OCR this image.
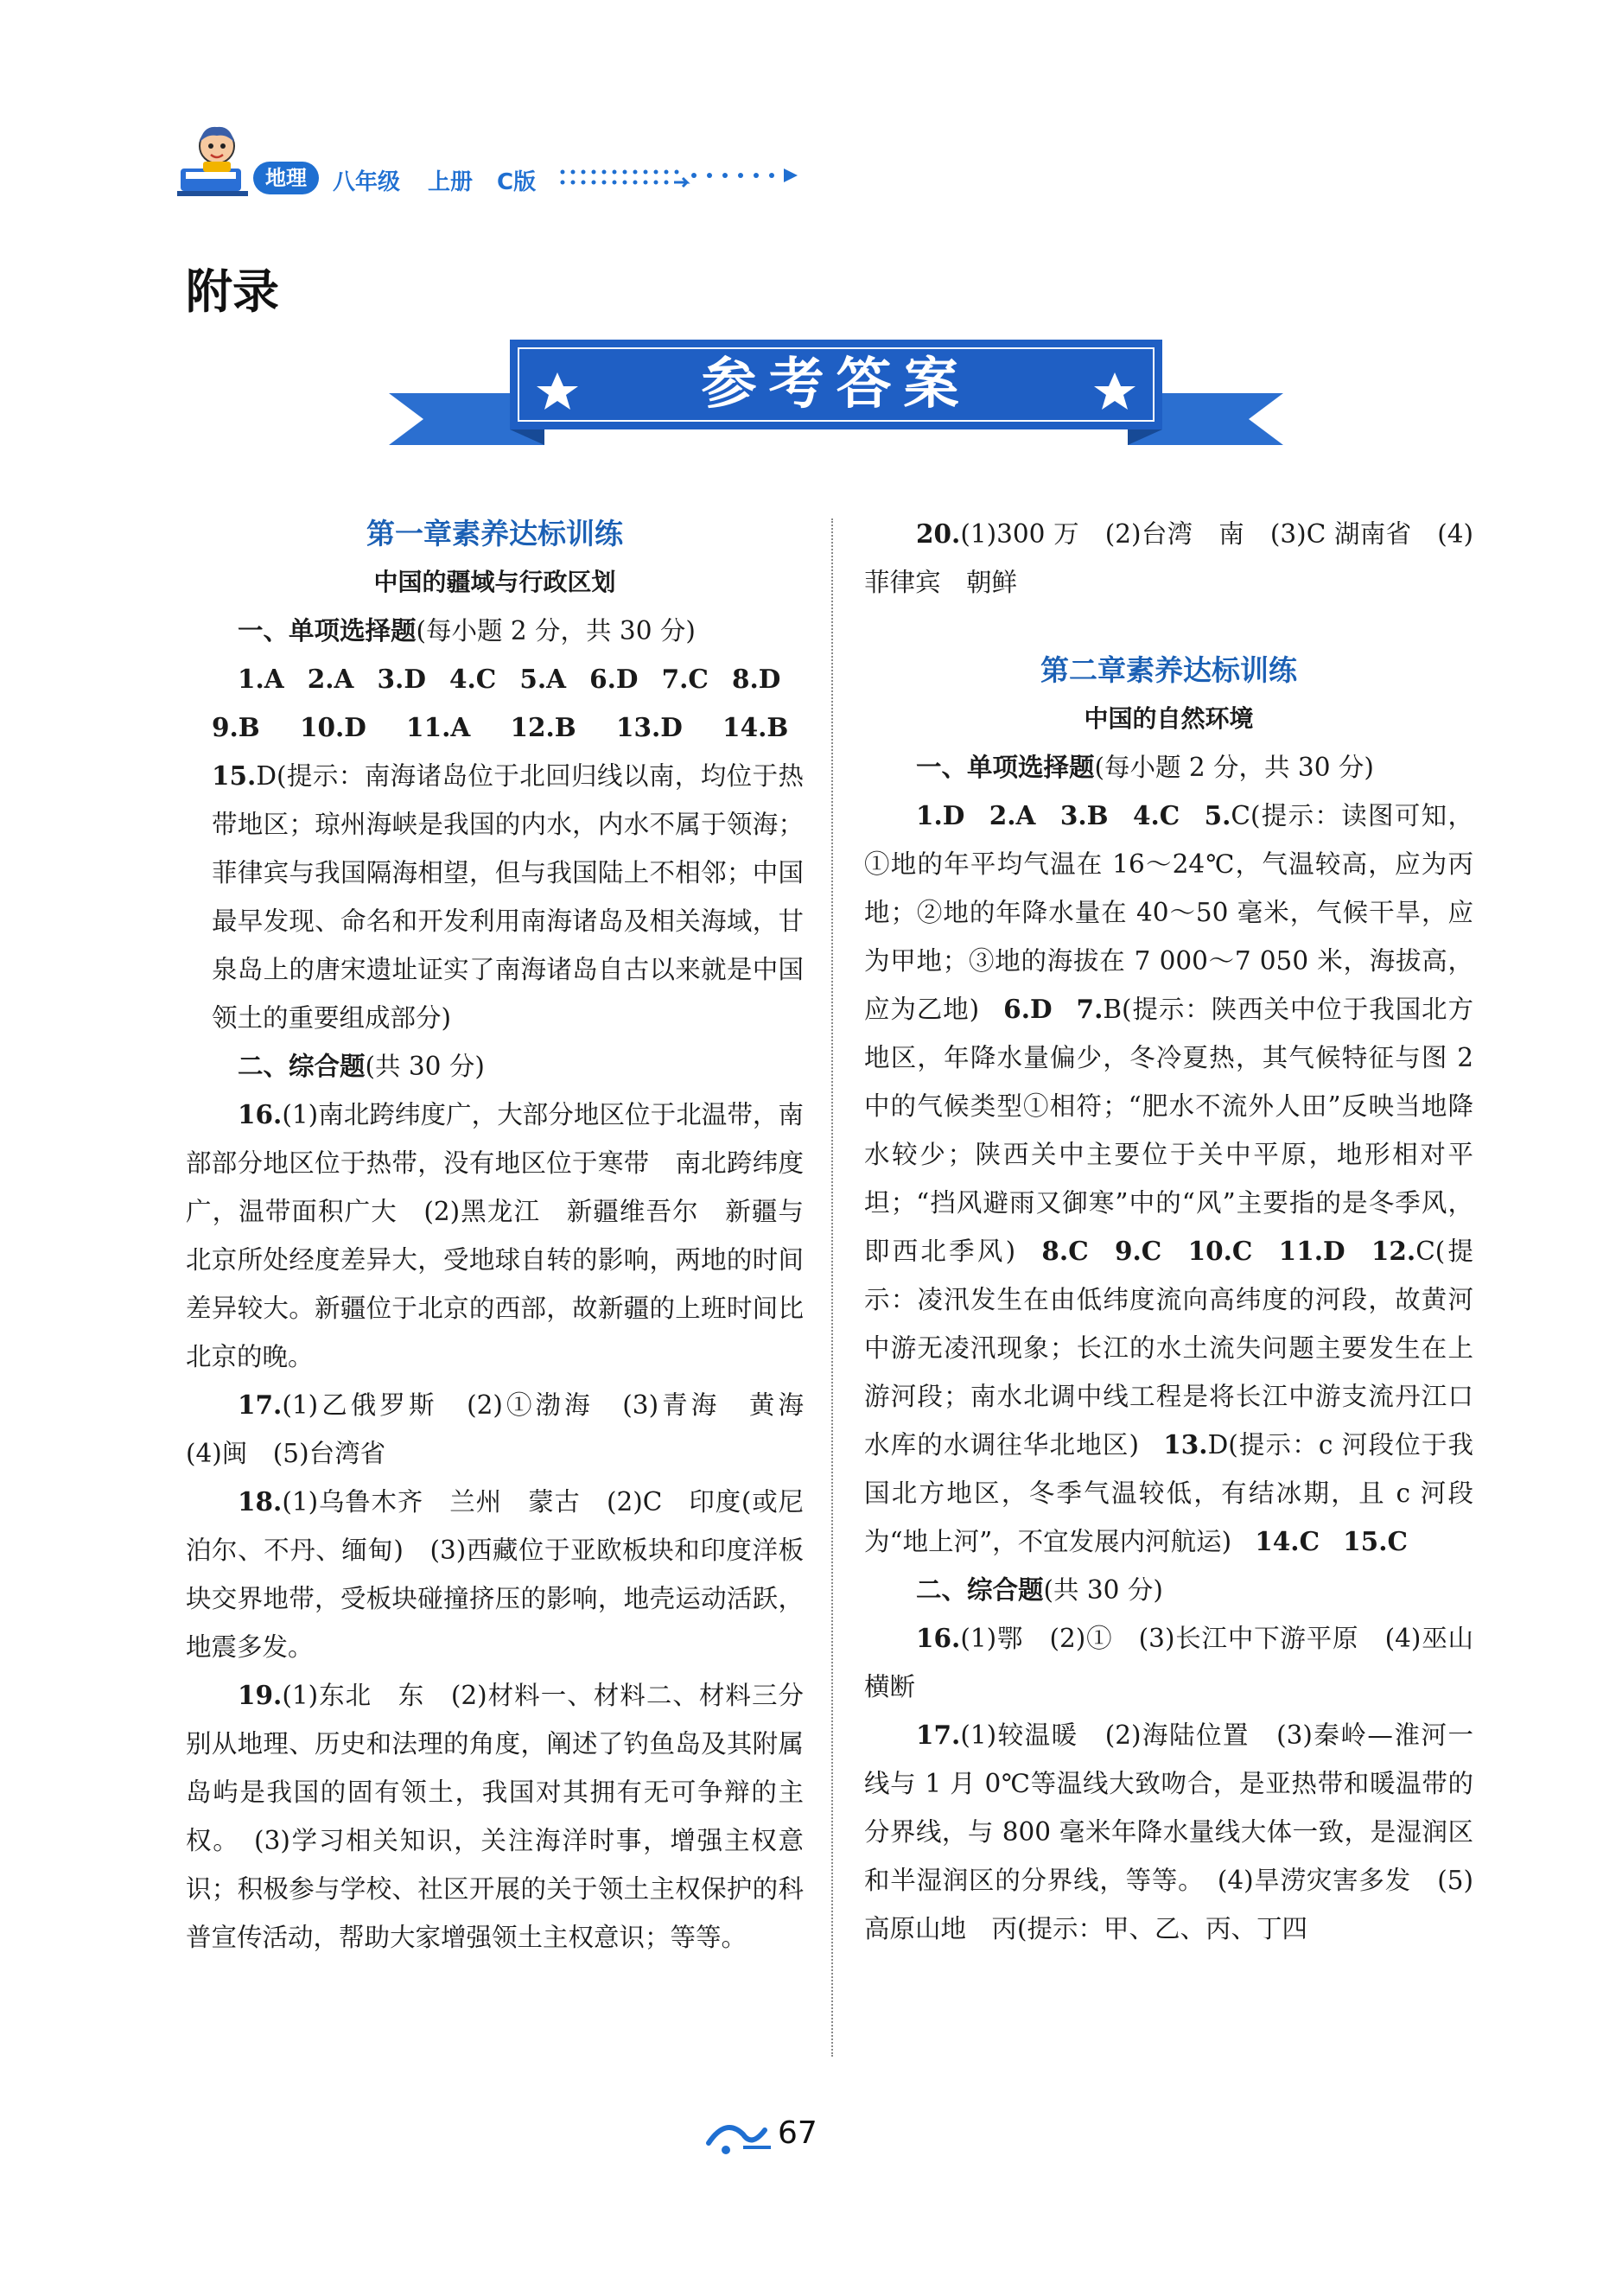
地理	八年级 上册 C版
附录
参考答案

第一章素养达标训练

中国的疆域与行政区划

一、单项选择题(每小题 2 分，共 30 分)

1.A 2.A 3.D 4.C 5.A 6.D 7.C 8.D

9.B 10.D 11.A 12.B 13.D 14.B 15.D(提示：南海诸岛位于北回归线以南，均位于热带地区；琼州海峡是我国的内水，内水不属于领海；菲律宾与我国隔海相望，但与我国陆上不相邻；中国最早发现、命名和开发利用南海诸岛及相关海域，甘泉岛上的唐宋遗址证实了南海诸岛自古以来就是中国领土的重要组成部分)

二、综合题(共 30 分)

16.(1)南北跨纬度广，大部分地区位于北温带，南部部分地区位于热带，没有地区位于寒带　南北跨纬度广，温带面积广大　(2)黑龙江　新疆维吾尔　新疆与北京所处经度差异大，受地球自转的影响，两地的时间差异较大。新疆位于北京的西部，故新疆的上班时间比北京的晚。

17.(1)乙俄罗斯　(2)①渤海　(3)青海　黄海　(4)闽　(5)台湾省

18.(1)乌鲁木齐　兰州　蒙古　(2)C　印度(或尼泊尔、不丹、缅甸)　(3)西藏位于亚欧板块和印度洋板块交界地带，受板块碰撞挤压的影响，地壳运动活跃，地震多发。

19.(1)东北　东　(2)材料一、材料二、材料三分别从地理、历史和法理的角度，阐述了钓鱼岛及其附属岛屿是我国的固有领土，我国对其拥有无可争辩的主权。　(3)学习相关知识，关注海洋时事，增强主权意识；积极参与学校、社区开展的关于领土主权保护的科普宣传活动，帮助大家增强领土主权意识；等等。

20.(1)300 万　(2)台湾　南　(3)C 湖南省　(4)菲律宾　朝鲜

第二章素养达标训练

中国的自然环境

一、单项选择题(每小题 2 分，共 30 分)

1.D 2.A 3.B 4.C 5.C(提示：读图可知，①地的年平均气温在 16～24℃，气温较高，应为丙地；②地的年降水量在 40～50 毫米，气候干旱，应为甲地；③地的海拔在 7 000～7 050 米，海拔高，应为乙地) 6.D 7.B(提示：陕西关中位于我国北方地区，年降水量偏少，冬冷夏热，其气候特征与图 2 中的气候类型①相符；“肥水不流外人田”反映当地降水较少；陕西关中主要位于关中平原，地形相对平坦；“挡风避雨又御寒”中的“风”主要指的是冬季风，即西北季风) 8.C 9.C 10.C 11.D 12.C(提示：凌汛发生在由低纬度流向高纬度的河段，故黄河中游无凌汛现象；长江的水土流失问题主要发生在上游河段；南水北调中线工程是将长江中游支流丹江口水库的水调往华北地区) 13.D(提示：c 河段位于我国北方地区，冬季气温较低，有结冰期，且 c 河段为“地上河”，不宜发展内河航运) 14.C 15.C

二、综合题(共 30 分)

16.(1)鄂　(2)①　(3)长江中下游平原　(4)巫山　横断

17.(1)较温暖　(2)海陆位置　(3)秦岭—淮河一线与 1 月 0℃等温线大致吻合，是亚热带和暖温带的分界线，与 800 毫米年降水量线大体一致，是湿润区和半湿润区的分界线，等等。　(4)旱涝灾害多发　(5)高原山地　丙(提示：甲、乙、丙、丁四

67
